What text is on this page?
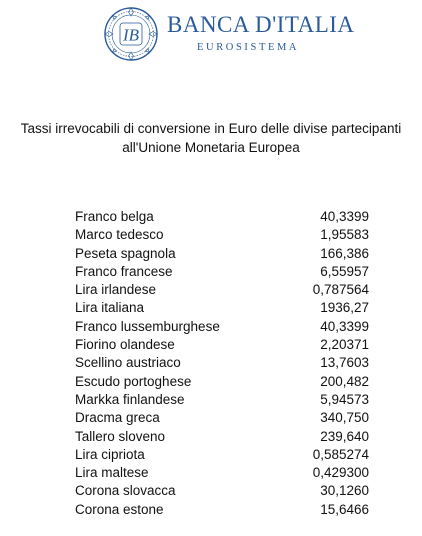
IB BANCA D'ITALIA
EUROSISTEMA
Tassi irrevocabili di conversione in Euro delle divise partecipanti
all'Unione Monetaria Europea
Franco belga	40,3399
Marco tedesco	1,95583
Peseta spagnola	166,386
Franco francese	6,55957
Lira irlandese	0,787564
Lira italiana	1936,27
Franco lussemburghese	40,3399
Fiorino olandese	2,20371
Scellino austriaco	13,7603
Escudo portoghese	200,482
Markka finlandese	5,94573
Dracma greca	340,750
Tallero sloveno	239,640
Lira cipriota	0,585274
Lira maltese	0,429300
Corona slovacca	30,1260
Corona estone	15,6466
